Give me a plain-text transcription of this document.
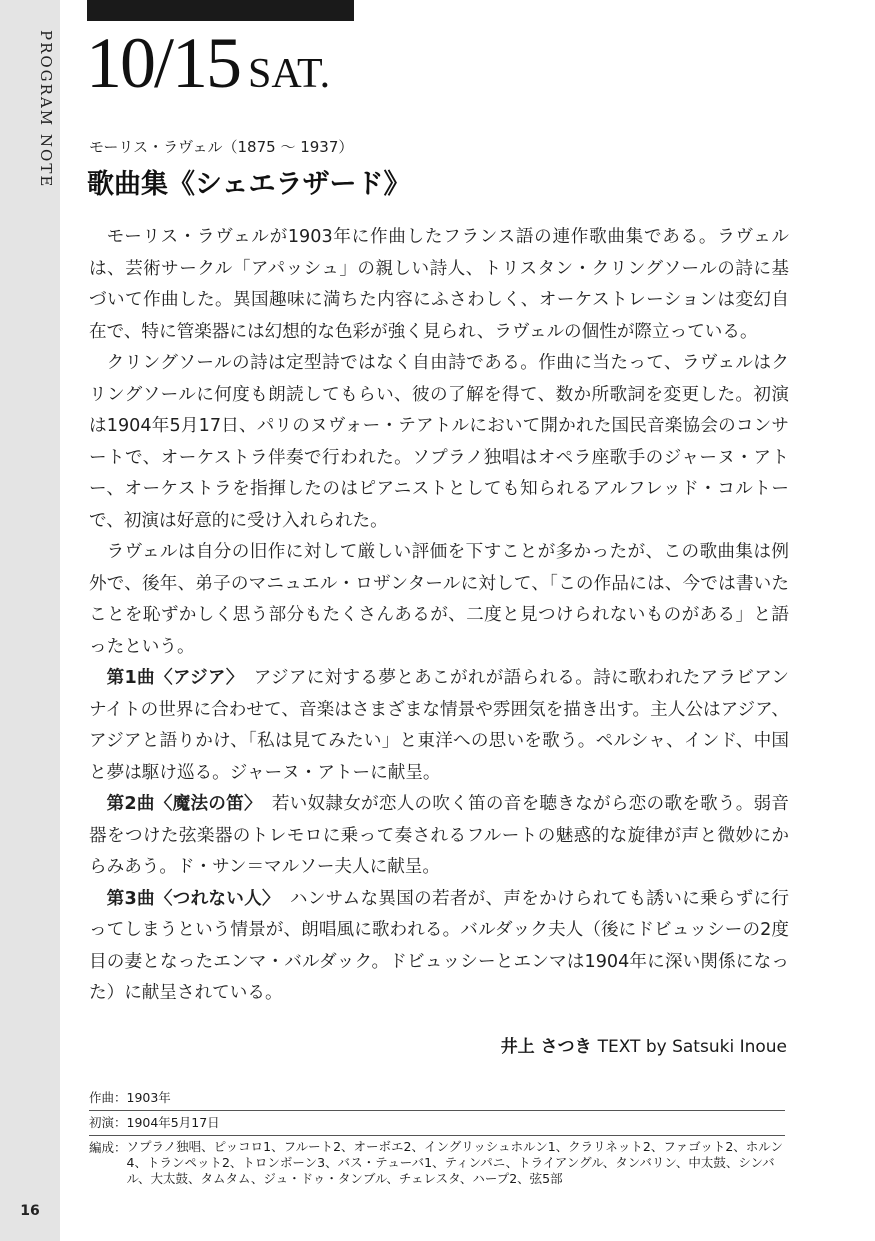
PROGRAM NOTE
16
10/15 SAT.
モーリス・ラヴェル（1875 〜 1937）
歌曲集《シェエラザード》

モーリス・ラヴェルが1903年に作曲したフランス語の連作歌曲集である。ラヴェルは、芸術サークル「アパッシュ」の親しい詩人、トリスタン・クリングソールの詩に基づいて作曲した。異国趣味に満ちた内容にふさわしく、オーケストレーションは変幻自在で、特に管楽器には幻想的な色彩が強く見られ、ラヴェルの個性が際立っている。

クリングソールの詩は定型詩ではなく自由詩である。作曲に当たって、ラヴェルはクリングソールに何度も朗読してもらい、彼の了解を得て、数か所歌詞を変更した。初演は1904年5月17日、パリのヌヴォー・テアトルにおいて開かれた国民音楽協会のコンサートで、オーケストラ伴奏で行われた。ソプラノ独唱はオペラ座歌手のジャーヌ・アトー、オーケストラを指揮したのはピアニストとしても知られるアルフレッド・コルトーで、初演は好意的に受け入れられた。

ラヴェルは自分の旧作に対して厳しい評価を下すことが多かったが、この歌曲集は例外で、後年、弟子のマニュエル・ロザンタールに対して、「この作品には、今では書いたことを恥ずかしく思う部分もたくさんあるが、二度と見つけられないものがある」と語ったという。

第1曲〈アジア〉 アジアに対する夢とあこがれが語られる。詩に歌われたアラビアンナイトの世界に合わせて、音楽はさまざまな情景や雰囲気を描き出す。主人公はアジア、アジアと語りかけ、「私は見てみたい」と東洋への思いを歌う。ペルシャ、インド、中国と夢は駆け巡る。ジャーヌ・アトーに献呈。

第2曲〈魔法の笛〉 若い奴隷女が恋人の吹く笛の音を聴きながら恋の歌を歌う。弱音器をつけた弦楽器のトレモロに乗って奏されるフルートの魅惑的な旋律が声と微妙にからみあう。ド・サン＝マルソー夫人に献呈。

第3曲〈つれない人〉 ハンサムな異国の若者が、声をかけられても誘いに乗らずに行ってしまうという情景が、朗唱風に歌われる。バルダック夫人（後にドビュッシーの2度目の妻となったエンマ・バルダック。ドビュッシーとエンマは1904年に深い関係になった）に献呈されている。

井上 さつき TEXT by Satsuki Inoue
作曲：1903年
初演：1904年5月17日
編成： ソプラノ独唱、ピッコロ1、フルート2、オーボエ2、イングリッシュホルン1、クラリネット2、ファゴット2、ホルン4、トランペット2、トロンボーン3、バス・テューバ1、ティンパニ、トライアングル、タンバリン、中太鼓、シンバル、大太鼓、タムタム、ジュ・ドゥ・タンブル、チェレスタ、ハープ2、弦5部
